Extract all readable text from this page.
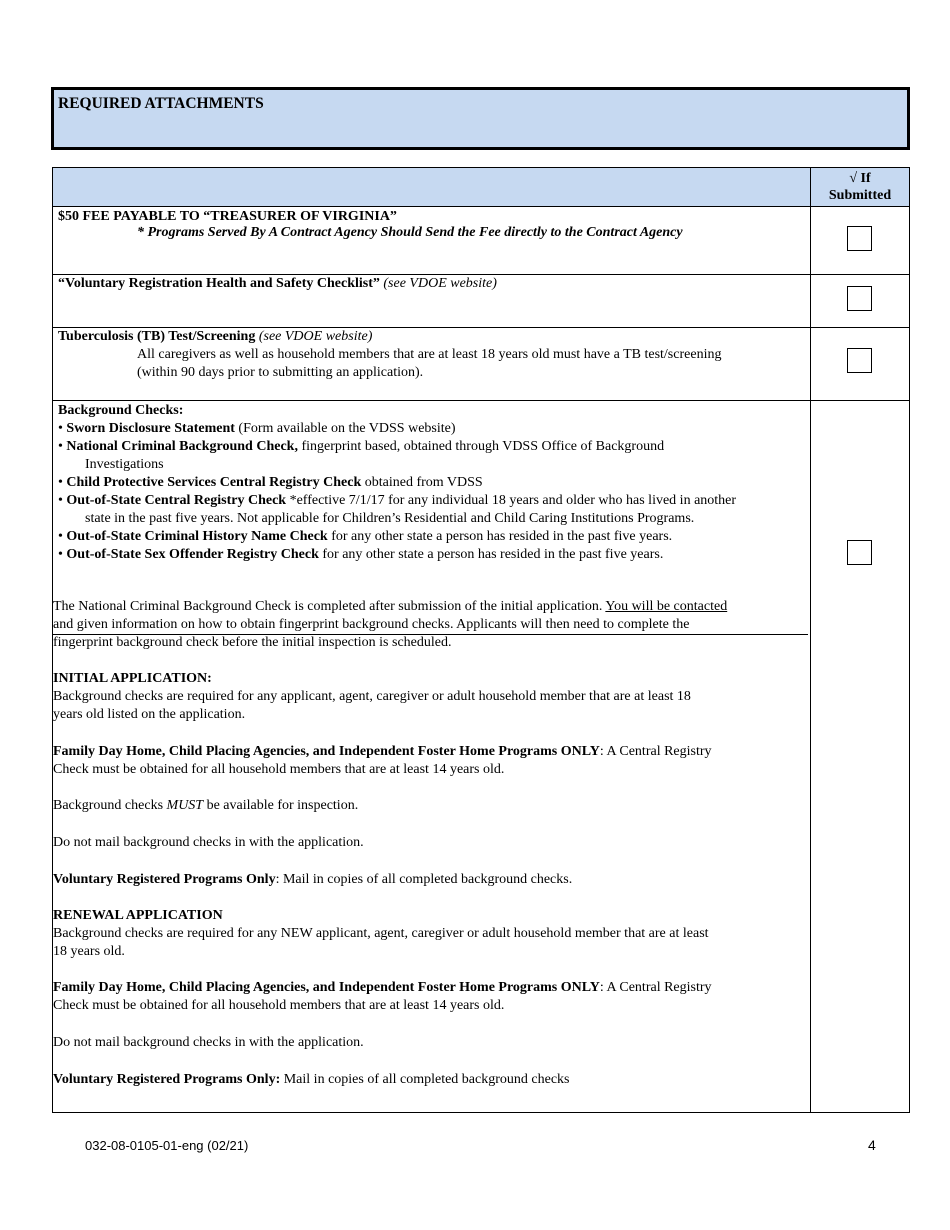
REQUIRED ATTACHMENTS
√ If
Submitted
$50 FEE PAYABLE TO “TREASURER OF VIRGINIA”
* Programs Served By A Contract Agency Should Send the Fee directly to the Contract Agency
“Voluntary Registration Health and Safety Checklist” (see VDOE website)
Tuberculosis (TB) Test/Screening (see VDOE website)
All caregivers as well as household members that are at least 18 years old must have a TB test/screening
(within 90 days prior to submitting an application).
Background Checks:
• Sworn Disclosure Statement (Form available on the VDSS website)
• National Criminal Background Check, fingerprint based, obtained through VDSS Office of Background
Investigations
• Child Protective Services Central Registry Check obtained from VDSS
• Out-of-State Central Registry Check *effective 7/1/17 for any individual 18 years and older who has lived in another
state in the past five years. Not applicable for Children’s Residential and Child Caring Institutions Programs.
• Out-of-State Criminal History Name Check for any other state a person has resided in the past five years.
• Out-of-State Sex Offender Registry Check for any other state a person has resided in the past five years.
The National Criminal Background Check is completed after submission of the initial application. You will be contacted
and given information on how to obtain fingerprint background checks. Applicants will then need to complete the
fingerprint background check before the initial inspection is scheduled.
INITIAL APPLICATION:
Background checks are required for any applicant, agent, caregiver or adult household member that are at least 18
years old listed on the application.
Family Day Home, Child Placing Agencies, and Independent Foster Home Programs ONLY: A Central Registry
Check must be obtained for all household members that are at least 14 years old.
Background checks MUST be available for inspection.
Do not mail background checks in with the application.
Voluntary Registered Programs Only: Mail in copies of all completed background checks.
RENEWAL APPLICATION
Background checks are required for any NEW applicant, agent, caregiver or adult household member that are at least
18 years old.
Family Day Home, Child Placing Agencies, and Independent Foster Home Programs ONLY: A Central Registry
Check must be obtained for all household members that are at least 14 years old.
Do not mail background checks in with the application.
Voluntary Registered Programs Only: Mail in copies of all completed background checks
032-08-0105-01-eng (02/21)	4
